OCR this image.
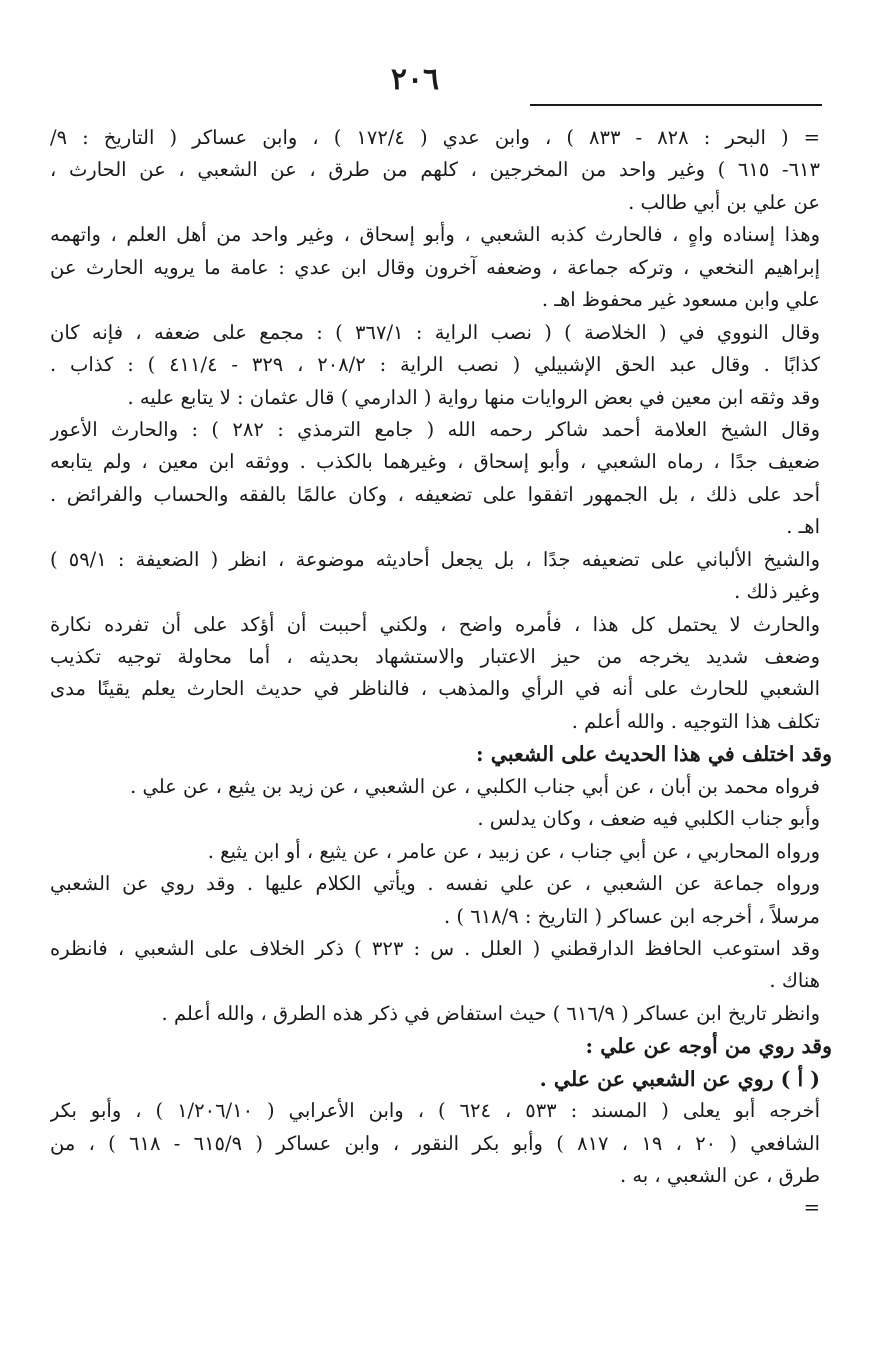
٢٠٦
= ( البحر : ٨٢٨ - ٨٣٣ ) ، وابن عدي ( ١٧٢/٤ ) ، وابن عساكر ( التاريخ : ٩/
٦١٣- ٦١٥ ) وغير واحد من المخرجين ، كلهم من طرق ، عن الشعبي ، عن الحارث ،
عن علي بن أبي طالب .
وهذا إسناده واهٍ ، فالحارث كذبه الشعبي ، وأبو إسحاق ، وغير واحد من أهل العلم ، واتهمه
إبراهيم النخعي ، وتركه جماعة ، وضعفه آخرون وقال ابن عدي : عامة ما يرويه الحارث عن
علي وابن مسعود غير محفوظ اهـ .
وقال النووي في ( الخلاصة ) ( نصب الراية : ٣٦٧/١ ) : مجمع على ضعفه ، فإنه كان
كذابًا . وقال عبد الحق الإشبيلي ( نصب الراية : ٢٠٨/٢ ، ٣٢٩ - ٤١١/٤ ) : كذاب .
وقد وثقه ابن معين في بعض الروايات منها رواية ( الدارمي ) قال عثمان : لا يتابع عليه .
وقال الشيخ العلامة أحمد شاكر رحمه الله ( جامع الترمذي : ٢٨٢ ) : والحارث الأعور
ضعيف جدًا ، رماه الشعبي ، وأبو إسحاق ، وغيرهما بالكذب . ووثقه ابن معين ، ولم يتابعه
أحد على ذلك ، بل الجمهور اتفقوا على تضعيفه ، وكان عالمًا بالفقه والحساب والفرائض .
اهـ .
والشيخ الألباني على تضعيفه جدًا ، بل يجعل أحاديثه موضوعة ، انظر ( الضعيفة : ٥٩/١ )
وغير ذلك .
والحارث لا يحتمل كل هذا ، فأمره واضح ، ولكني أحببت أن أؤكد على أن تفرده نكارة
وضعف شديد يخرجه من حيز الاعتبار والاستشهاد بحديثه ، أما محاولة توجيه تكذيب
الشعبي للحارث على أنه في الرأي والمذهب ، فالناظر في حديث الحارث يعلم يقينًا مدى
تكلف هذا التوجيه . والله أعلم .
وقد اختلف في هذا الحديث على الشعبي :
فرواه محمد بن أبان ، عن أبي جناب الكلبي ، عن الشعبي ، عن زيد بن يثيع ، عن علي .
وأبو جناب الكلبي فيه ضعف ، وكان يدلس .
ورواه المحاربي ، عن أبي جناب ، عن زبيد ، عن عامر ، عن يثيع ، أو ابن يثيع .
ورواه جماعة عن الشعبي ، عن علي نفسه . ويأتي الكلام عليها . وقد روي عن الشعبي
مرسلاً ، أخرجه ابن عساكر ( التاريخ : ٦١٨/٩ ) .
وقد استوعب الحافظ الدارقطني ( العلل . س : ٣٢٣ ) ذكر الخلاف على الشعبي ، فانظره
هناك .
وانظر تاريخ ابن عساكر ( ٦١٦/٩ ) حيث استفاض في ذكر هذه الطرق ، والله أعلم .
وقد روي من أوجه عن علي :
( أ ) روي عن الشعبي عن علي .
أخرجه أبو يعلى ( المسند : ٥٣٣ ، ٦٢٤ ) ، وابن الأعرابي ( ١/٢٠٦/١٠ ) ، وأبو بكر
الشافعي ( ٢٠ ، ١٩ ، ٨١٧ ) وأبو بكر النقور ، وابن عساكر ( ٦١٥/٩ - ٦١٨ ) ، من
طرق ، عن الشعبي ، به .
=
